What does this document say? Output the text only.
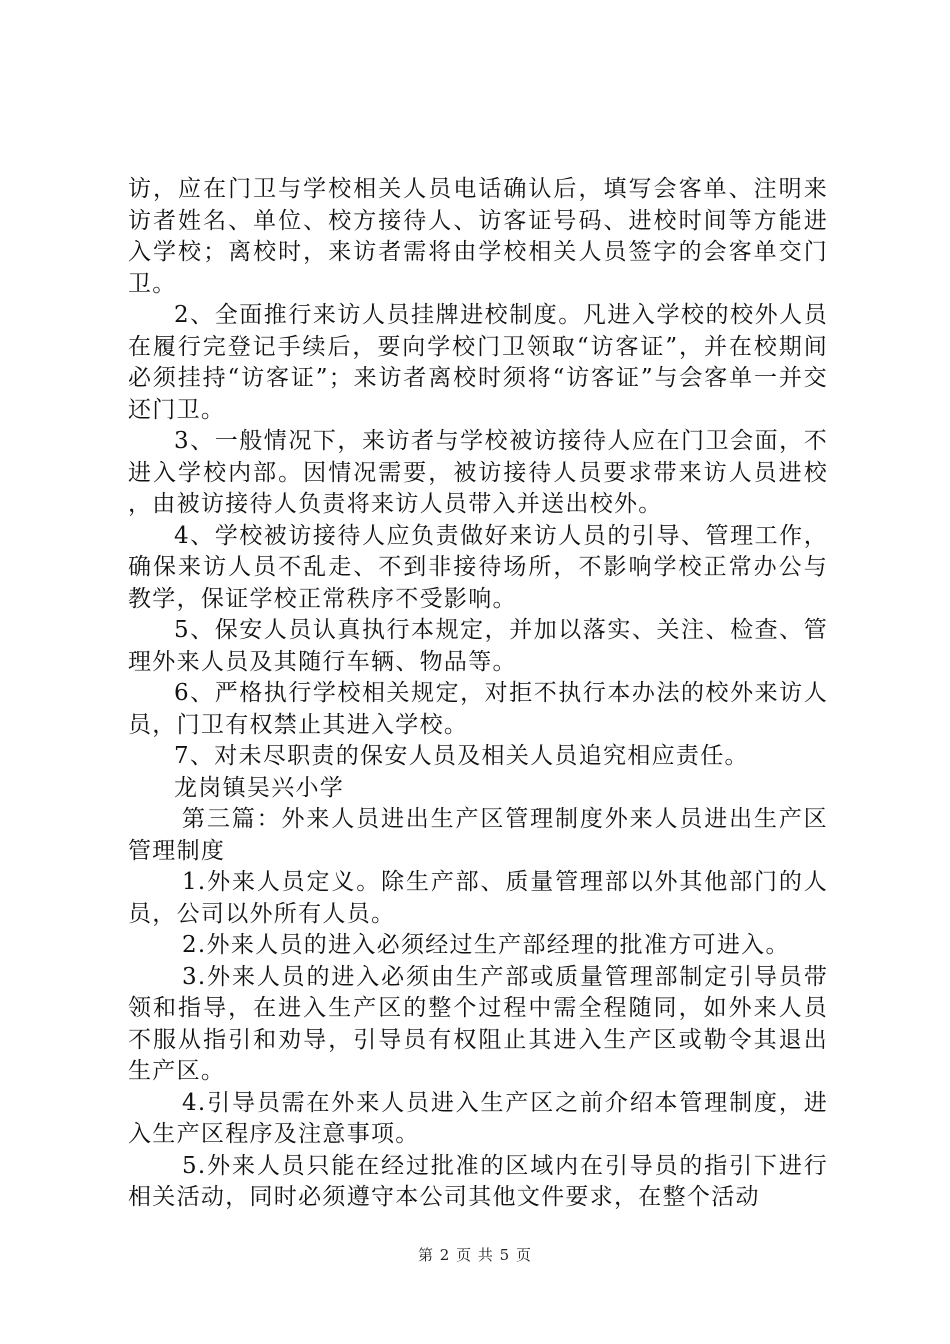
访，应在门卫与学校相关人员电话确认后，填写会客单、注明来访者姓名、单位、校方接待人、访客证号码、进校时间等方能进入学校；离校时，来访者需将由学校相关人员签字的会客单交门卫。

2、全面推行来访人员挂牌进校制度。凡进入学校的校外人员在履行完登记手续后，要向学校门卫领取“访客证”，并在校期间必须挂持“访客证”；来访者离校时须将“访客证”与会客单一并交还门卫。

3、一般情况下，来访者与学校被访接待人应在门卫会面，不进入学校内部。因情况需要，被访接待人员要求带来访人员进校，由被访接待人负责将来访人员带入并送出校外。

4、学校被访接待人应负责做好来访人员的引导、管理工作，确保来访人员不乱走、不到非接待场所，不影响学校正常办公与教学，保证学校正常秩序不受影响。

5、保安人员认真执行本规定，并加以落实、关注、检查、管理外来人员及其随行车辆、物品等。

6、严格执行学校相关规定，对拒不执行本办法的校外来访人员，门卫有权禁止其进入学校。

7、对未尽职责的保安人员及相关人员追究相应责任。

龙岗镇吴兴小学

第三篇：外来人员进出生产区管理制度外来人员进出生产区管理制度

1.外来人员定义。除生产部、质量管理部以外其他部门的人员，公司以外所有人员。

2.外来人员的进入必须经过生产部经理的批准方可进入。

3.外来人员的进入必须由生产部或质量管理部制定引导员带领和指导，在进入生产区的整个过程中需全程随同，如外来人员不服从指引和劝导，引导员有权阻止其进入生产区或勒令其退出生产区。

4.引导员需在外来人员进入生产区之前介绍本管理制度，进入生产区程序及注意事项。

5.外来人员只能在经过批准的区域内在引导员的指引下进行相关活动，同时必须遵守本公司其他文件要求，在整个活动

第 2 页 共 5 页
